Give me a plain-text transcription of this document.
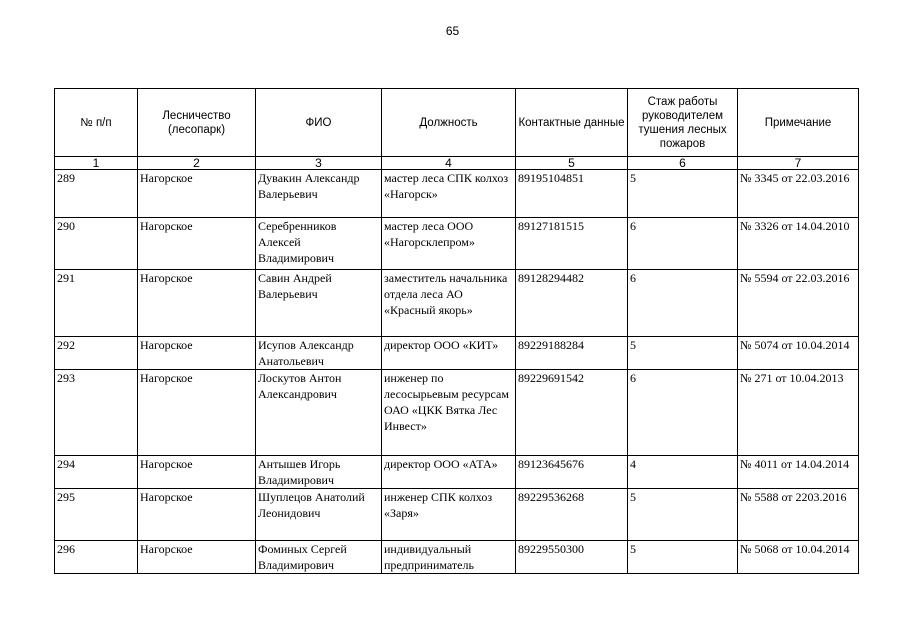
65
№ п/п	Лесничество (лесопарк)	ФИО	Должность	Контактные данные	Стаж работы руководителем тушения лесных пожаров	Примечание
1	2	3	4	5	6	7
289	Нагорское	Дувакин Александр Валерьевич	мастер леса СПК колхоз «Нагорск»	89195104851	5	№ 3345 от 22.03.2016
290	Нагорское	Серебренников Алексей Владимирович	мастер леса ООО «Нагорсклепром»	89127181515	6	№ 3326 от 14.04.2010
291	Нагорское	Савин Андрей Валерьевич	заместитель начальника отдела леса АО «Красный якорь»	89128294482	6	№ 5594 от 22.03.2016
292	Нагорское	Исупов Александр Анатольевич	директор ООО «КИТ»	89229188284	5	№ 5074 от 10.04.2014
293	Нагорское	Лоскутов Антон Александрович	инженер по лесосырьевым ресурсам ОАО «ЦКК Вятка Лес Инвест»	89229691542	6	№ 271 от 10.04.2013
294	Нагорское	Антышев Игорь Владимирович	директор ООО «АТА»	89123645676	4	№ 4011 от 14.04.2014
295	Нагорское	Шуплецов Анатолий Леонидович	инженер СПК колхоз «Заря»	89229536268	5	№ 5588 от 2203.2016
296	Нагорское	Фоминых Сергей Владимирович	индивидуальный предприниматель	89229550300	5	№ 5068 от 10.04.2014
